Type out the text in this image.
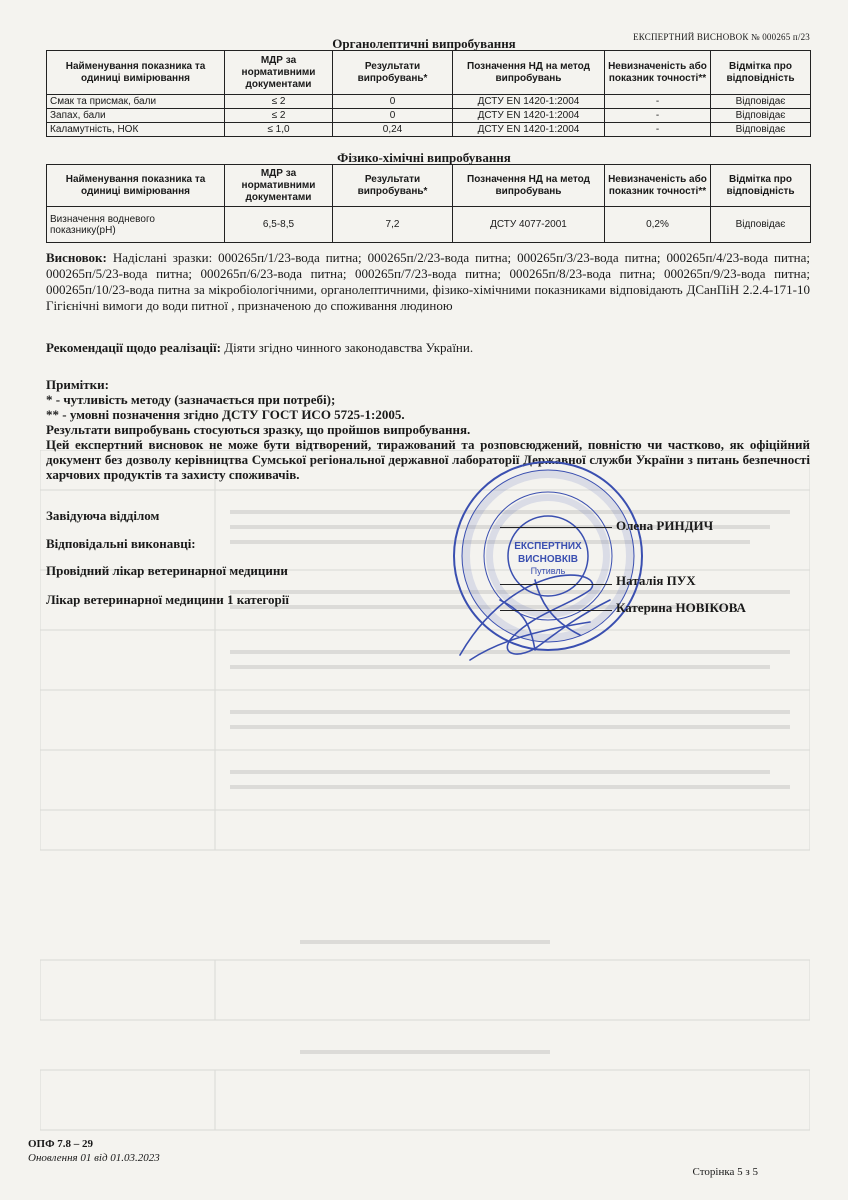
ЕКСПЕРТНИЙ ВИСНОВОК № 000265 п/23
Органолептичні випробування
Найменування показника та одиниці вимірювання	МДР за нормативними документами	Результати випробувань*	Позначення НД на метод випробувань	Невизначеність або показник точності**	Відмітка про відповідність
Смак та присмак, бали	≤ 2	0	ДСТУ EN 1420-1:2004	-	Відповідає
Запах, бали	≤ 2	0	ДСТУ EN 1420-1:2004	-	Відповідає
Каламутність, НОК	≤ 1,0	0,24	ДСТУ EN 1420-1:2004	-	Відповідає
Фізико-хімічні випробування
Найменування показника та одиниці вимірювання	МДР за нормативними документами	Результати випробувань*	Позначення НД на метод випробувань	Невизначеність або показник точності**	Відмітка про відповідність
Визначення водневого показнику(pH)	6,5-8,5	7,2	ДСТУ 4077-2001	0,2%	Відповідає
Висновок: Надіслані зразки: 000265п/1/23-вода питна; 000265п/2/23-вода питна; 000265п/3/23-вода питна; 000265п/4/23-вода питна; 000265п/5/23-вода питна; 000265п/6/23-вода питна; 000265п/7/23-вода питна; 000265п/8/23-вода питна; 000265п/9/23-вода питна; 000265п/10/23-вода питна за мікробіологічними, органолептичними, фізико-хімічними показниками відповідають ДСанПіН 2.2.4-171-10 Гігієнічні вимоги до води питної , призначеною до споживання людиною
Рекомендації щодо реалізації: Діяти згідно чинного законодавства України.
Примітки:
* - чутливість методу (зазначається при потребі);
** - умовні позначення згідно ДСТУ ГОСТ ИСО 5725-1:2005.
Результати випробувань стосуються зразку, що пройшов випробування.
Цей експертний висновок не може бути відтворений, тиражований та розповсюджений, повністю чи частково, як офіційний документ без дозволу керівництва Сумської регіональної державної лабораторії Державної служби України з питань безпечності харчових продуктів та захисту споживачів.
ЕКСПЕРТНИХ
ВИСНОВКІВ
Путивль
Завідуюча відділом
Олена РИНДИЧ
Відповідальні виконавці:
Провідний лікар ветеринарної медицини
Наталія ПУХ
Лікар ветеринарної медицини 1 категорії
Катерина НОВІКОВА
ОПФ 7.8 – 29
Оновлення 01 від 01.03.2023
Сторінка 5 з 5
